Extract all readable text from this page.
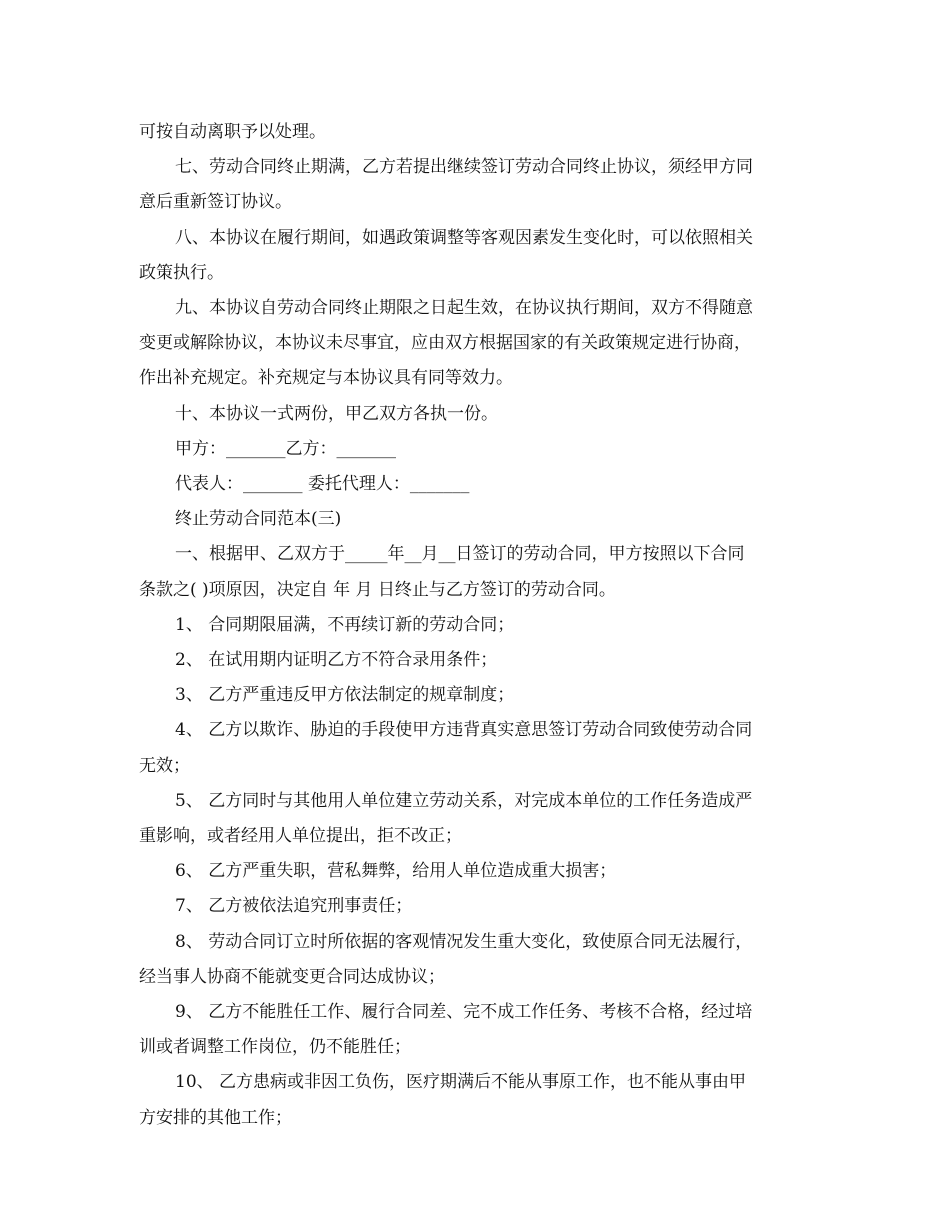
可按自动离职予以处理。

七、劳动合同终止期满，乙方若提出继续签订劳动合同终止协议，须经甲方同

意后重新签订协议。

八、本协议在履行期间，如遇政策调整等客观因素发生变化时，可以依照相关

政策执行。

九、本协议自劳动合同终止期限之日起生效，在协议执行期间，双方不得随意

变更或解除协议，本协议未尽事宜，应由双方根据国家的有关政策规定进行协商，

作出补充规定。补充规定与本协议具有同等效力。

十、本协议一式两份，甲乙双方各执一份。

甲方：_______乙方：_______

代表人：_______ 委托代理人：_______

终止劳动合同范本(三)

一、根据甲、乙双方于_____年__月__日签订的劳动合同，甲方按照以下合同

条款之( )项原因，决定自 年 月 日终止与乙方签订的劳动合同。

1、 合同期限届满，不再续订新的劳动合同；

2、 在试用期内证明乙方不符合录用条件；

3、 乙方严重违反甲方依法制定的规章制度；

4、 乙方以欺诈、胁迫的手段使甲方违背真实意思签订劳动合同致使劳动合同

无效；

5、 乙方同时与其他用人单位建立劳动关系，对完成本单位的工作任务造成严

重影响，或者经用人单位提出，拒不改正；

6、 乙方严重失职，营私舞弊，给用人单位造成重大损害；

7、 乙方被依法追究刑事责任；

8、 劳动合同订立时所依据的客观情况发生重大变化，致使原合同无法履行，

经当事人协商不能就变更合同达成协议；

9、 乙方不能胜任工作、履行合同差、完不成工作任务、考核不合格，经过培

训或者调整工作岗位，仍不能胜任；

10、 乙方患病或非因工负伤，医疗期满后不能从事原工作，也不能从事由甲

方安排的其他工作；
